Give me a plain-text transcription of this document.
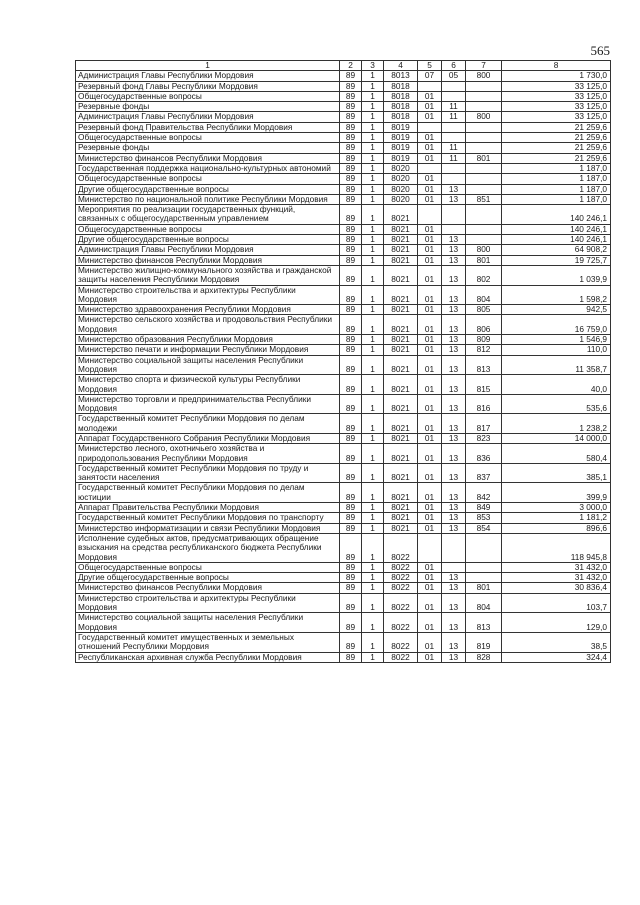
565
1	2	3	4	5	6	7	8
Администрация Главы Республики Мордовия	89	1	8013	07	05	800	1 730,0
Резервный фонд Главы Республики Мордовия	89	1	8018				33 125,0
Общегосударственные вопросы	89	1	8018	01			33 125,0
Резервные фонды	89	1	8018	01	11		33 125,0
Администрация Главы Республики Мордовия	89	1	8018	01	11	800	33 125,0
Резервный фонд Правительства Республики Мордовия	89	1	8019				21 259,6
Общегосударственные вопросы	89	1	8019	01			21 259,6
Резервные фонды	89	1	8019	01	11		21 259,6
Министерство финансов Республики Мордовия	89	1	8019	01	11	801	21 259,6
Государственная поддержка национально-культурных автономий	89	1	8020				1 187,0
Общегосударственные вопросы	89	1	8020	01			1 187,0
Другие общегосударственные вопросы	89	1	8020	01	13		1 187,0
Министерство по национальной политике Республики Мордовия	89	1	8020	01	13	851	1 187,0
Мероприятия по реализации государственных функций, связанных с общегосударственным управлением	89	1	8021				140 246,1
Общегосударственные вопросы	89	1	8021	01			140 246,1
Другие общегосударственные вопросы	89	1	8021	01	13		140 246,1
Администрация Главы Республики Мордовия	89	1	8021	01	13	800	64 908,2
Министерство финансов Республики Мордовия	89	1	8021	01	13	801	19 725,7
Министерство жилищно-коммунального хозяйства и гражданской защиты населения Республики Мордовия	89	1	8021	01	13	802	1 039,9
Министерство строительства и архитектуры Республики Мордовия	89	1	8021	01	13	804	1 598,2
Министерство здравоохранения Республики Мордовия	89	1	8021	01	13	805	942,5
Министерство сельского хозяйства и продовольствия Республики Мордовия	89	1	8021	01	13	806	16 759,0
Министерство образования Республики Мордовия	89	1	8021	01	13	809	1 546,9
Министерство печати и информации Республики Мордовия	89	1	8021	01	13	812	110,0
Министерство социальной защиты населения Республики Мордовия	89	1	8021	01	13	813	11 358,7
Министерство спорта и физической культуры Республики Мордовия	89	1	8021	01	13	815	40,0
Министерство торговли и предпринимательства Республики Мордовия	89	1	8021	01	13	816	535,6
Государственный комитет Республики Мордовия по делам молодежи	89	1	8021	01	13	817	1 238,2
Аппарат Государственного Собрания Республики Мордовия	89	1	8021	01	13	823	14 000,0
Министерство лесного, охотничьего хозяйства и природопользования Республики Мордовия	89	1	8021	01	13	836	580,4
Государственный комитет Республики Мордовия по труду и занятости населения	89	1	8021	01	13	837	385,1
Государственный комитет Республики Мордовия по делам юстиции	89	1	8021	01	13	842	399,9
Аппарат Правительства Республики Мордовия	89	1	8021	01	13	849	3 000,0
Государственный комитет Республики Мордовия по транспорту	89	1	8021	01	13	853	1 181,2
Министерство информатизации и связи Республики Мордовия	89	1	8021	01	13	854	896,6
Исполнение судебных актов, предусматривающих обращение взыскания на средства республиканского бюджета Республики Мордовия	89	1	8022				118 945,8
Общегосударственные вопросы	89	1	8022	01			31 432,0
Другие общегосударственные вопросы	89	1	8022	01	13		31 432,0
Министерство финансов Республики Мордовия	89	1	8022	01	13	801	30 836,4
Министерство строительства и архитектуры Республики Мордовия	89	1	8022	01	13	804	103,7
Министерство социальной защиты населения Республики Мордовия	89	1	8022	01	13	813	129,0
Государственный комитет имущественных и земельных отношений Республики Мордовия	89	1	8022	01	13	819	38,5
Республиканская архивная служба Республики Мордовия	89	1	8022	01	13	828	324,4
